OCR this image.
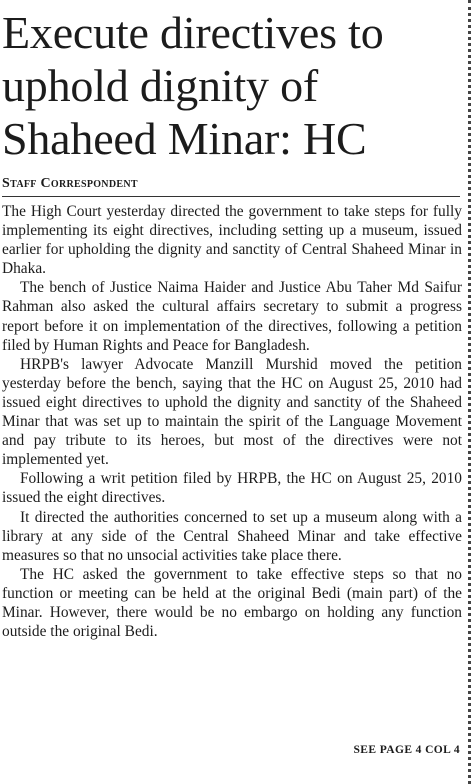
Execute directives to
uphold dignity of
Shaheed Minar: HC
Staff Correspondent

The High Court yesterday directed the government to take steps for fully implementing its eight directives, including setting up a museum, issued earlier for upholding the dignity and sanctity of Central Shaheed Minar in Dhaka.

The bench of Justice Naima Haider and Justice Abu Taher Md Saifur Rahman also asked the cultural affairs secretary to submit a progress report before it on implementation of the directives, following a petition filed by Human Rights and Peace for Bangladesh.

HRPB's lawyer Advocate Manzill Murshid moved the petition yesterday before the bench, saying that the HC on August 25, 2010 had issued eight directives to uphold the dignity and sanctity of the Shaheed Minar that was set up to maintain the spirit of the Language Movement and pay tribute to its heroes, but most of the directives were not implemented yet.

Following a writ petition filed by HRPB, the HC on August 25, 2010 issued the eight directives.

It directed the authorities concerned to set up a museum along with a library at any side of the Central Shaheed Minar and take effective measures so that no unsocial activities take place there.

The HC asked the government to take effective steps so that no function or meeting can be held at the original Bedi (main part) of the Minar. However, there would be no embargo on holding any function outside the original Bedi.

SEE PAGE 4 COL 4
